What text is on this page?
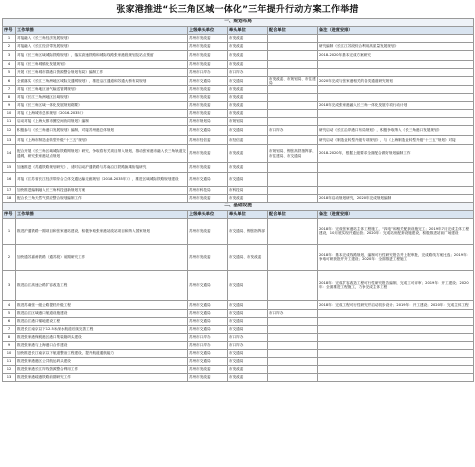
张家港推进“长三角区域一体化”三年提升行动方案工作举措
一、规划布局					
序号	工作举措	上级牵头单位	牵头单位	配合单位	备注（进度安排）
1	对接融入《长三角经济发展规划》	苏州市发改委	市发改委		
2	对接融入《长江经济带发展规划》	苏州市发改委	市发改委		研究编制《长江江苏段综合利用高质量发展规划》
3	对接《长三角区域城际铁路规划》，落实高速铁路和城际线路张家港段规划及站点预留	苏州市发改委	市发改委		2018-2020年基本完成方案研究
4	对接《长三角城镇化发展规划》	苏州市发改委	市发改委		
5	开展《长三角城市群港口资源整合规划布局》编制工作	苏州市口岸办	市口岸办		
6	全面落实《长江三角洲地区城际交通网规划》，推进沿江通道和苏通大桥布局规划	苏州市交通局	市交通局	市发改委、市规划局、市住建局	2020年完成与张家港相关的各类通道研究规划
7	对接《长三角地区油气输送管网规划》	苏州市发改委	市发改委		
8	对接《长江三角洲地区区域规划》	苏州市发改委	市发改委		
9	对接《长三角区域一体化发展规划纲要》	苏州市发改委	市发改委		2018年完成张家港融入长三角一体化发展专项行动计划
10	对接《上海城市总体规划（2016-2035）》	苏州市发改委	市发改委		
11	启动对接《上海大都市圈空间协同规划》编制	苏州市规划局	市规划局		
12	积极参与《长三角港口发展规划》编制，对接苏州港总体规划	苏州市交通局	市交通局	市口岸办	研究启动《长江沿岸港口布局规划》，积极争取纳入《长三角港口发展规划》
13	对接《上海市制造业转型升级“十三五”规划》	苏州市经信委	市经信委		研究启动《制造业转型升级专项规划》，与《上海制造业转型升级“十三五”规划》对接
14	配合开展《长三角区域城际铁路网规划》研究，争取将有关项目纳入规划，推动张家港市融入长三角轨道交通网，研究张家港站点规划	苏州市发改委	市发改委	市规划局、锡张高铁指挥部、市住建局、市交通局	2018-2020年，根据上级要求全面配合做好规划编制工作
15	加速推进《苏通铁路规划研究》，适时启动沪通铁路与苏南沿江铁路换乘衔接研究	苏州市发改委	市发改委		
16	对接《江苏省长江经济带综合立体交通运输走廊规划（2018-2035年）》，推进区域城际铁路规划建设	苏州市交通局	市交通局		
17	加快推进编制融入长三角科技创新规划方案	苏州市科技局	市科技局		
18	配合长三角天然气供应整合规划编制工作	苏州市发改委	市发改委		2018年启动规划研究，2020年完成规划编制
二、基础设施					
序号	工作举措	上级牵头单位	牵头单位	配合单位	备注（进度安排）
1	推进沪通铁路一期项目和张家港站建设，积极争取张家港站改站项目和纳入国家规划	苏州市发改委	市交通局、锡张指挥部		2018年：完成张家港站主体工程施工，“四电”和相关配套设施完工；2019年7月完成主体工程建设，10月底实现开通运营；2020年：完成站房配套设施建设，积极推进站前广场建设
2	加快通苏嘉甬铁路（通苏段）前期研究工作	苏州市发改委	市交通局、市发改委		2018年：基本完成线路规划，编制可行性研究报告并上报审批，完成路线方案比选；2019年：争取可研获批并开工建设；2020年：全面推进工程施工
3	推进沿江高速公路扩容改造工程	苏州市交通局	市交通局		2018年：完成扩容改造工程可行性研究报告编制，完成工可评审；2019年：开工建设；2020年：全面推进工程施工，力争完成主体工程
4	推进苏虞张一级公路提档升级工程	苏州市交通局	市交通局		2018年：完成工程可行性研究并启动初步设计；2019年：开工建设；2020年：完成主体工程
5	推进沿江区域港口航道设施建设	苏州市交通局	市交通局	市口岸办	
6	推进沿江港口锚地建设工程	苏州市交通局	市交通局		
7	推进长江南京以下12.5米深水航道后续完善工程	苏州市交通局	市交通局		
8	推进张家港保税港区港口集装箱码头建设	苏州市口岸办	市口岸办		
9	推进张家港与上海港口合作建设	苏州市口岸办	市口岸办		
10	加快推进长江南京以下航道整治工程建设，提升航道通航能力	苏州市交通局	市交通局		
11	推进张家港港区公共航运码头建设	苏州市交通局	市交通局		
12	推进张家港长江岸线资源整合利用工作	苏州市发改委	市发改委		
13	推进张家港疏港铁路前期研究工作	苏州市发改委	市发改委		
